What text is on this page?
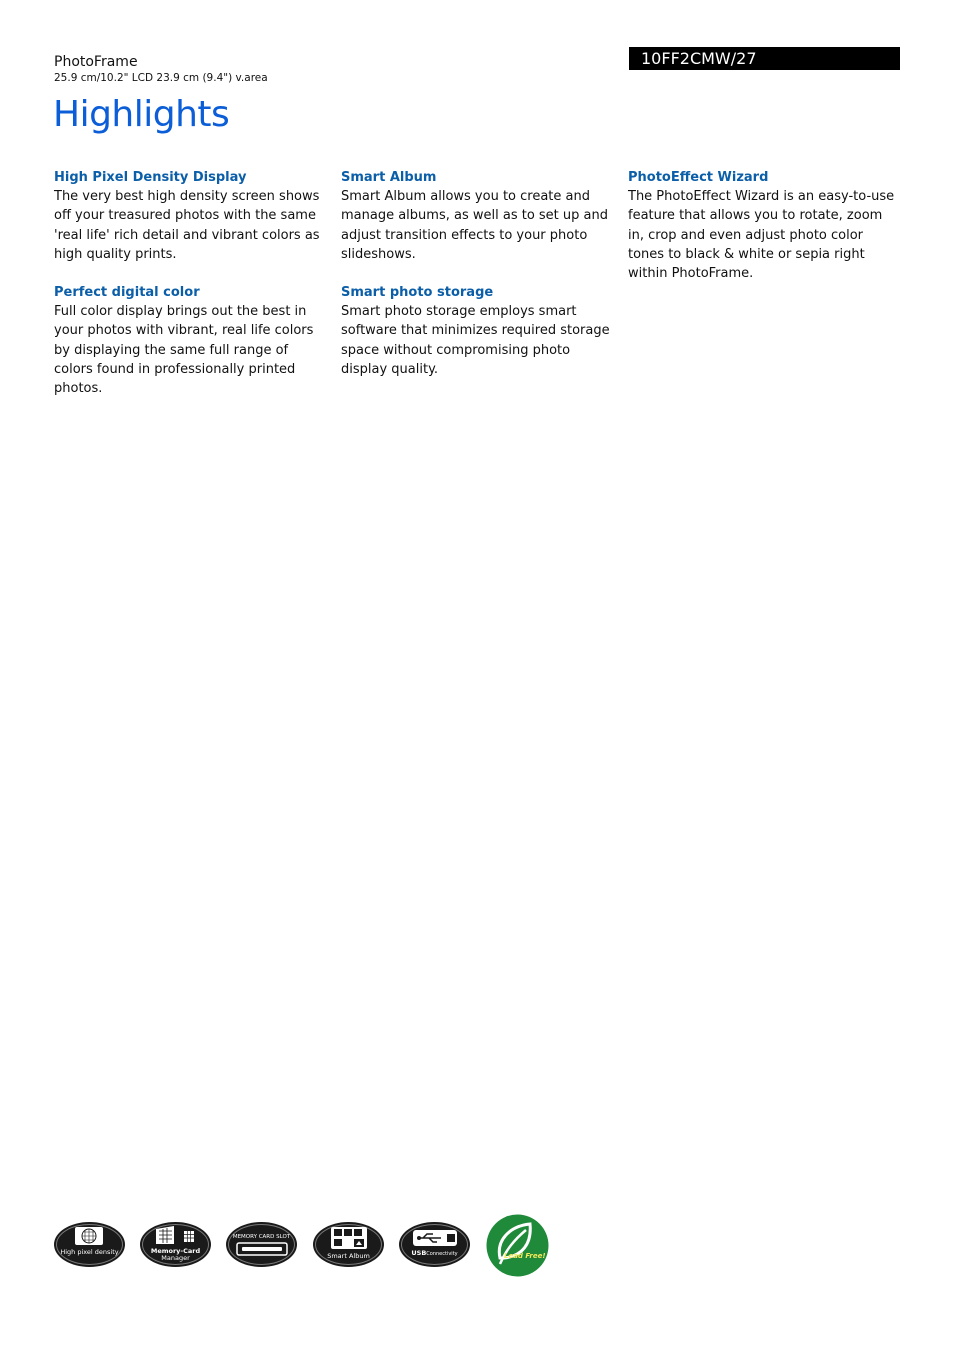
PhotoFrame
25.9 cm/10.2" LCD 23.9 cm (9.4") v.area
10FF2CMW/27
Highlights
High Pixel Density Display

The very best high density screen shows off your treasured photos with the same 'real life' rich detail and vibrant colors as high quality prints.

Perfect digital color

Full color display brings out the best in your photos with vibrant, real life colors by displaying the same full range of colors found in professionally printed photos.

Smart Album

Smart Album allows you to create and manage albums, as well as to set up and adjust transition effects to your photo slideshows.

Smart photo storage

Smart photo storage employs smart software that minimizes required storage space without compromising photo display quality.

PhotoEffect Wizard

The PhotoEffect Wizard is an easy-to-use feature that allows you to rotate, zoom in, crop and even adjust photo color tones to black & white or sepia right within PhotoFrame.

High pixel density	Memory-Card
Manager
MEMORY CARD SLOT
Smart Album	USBConnectivity	Lead Free!
